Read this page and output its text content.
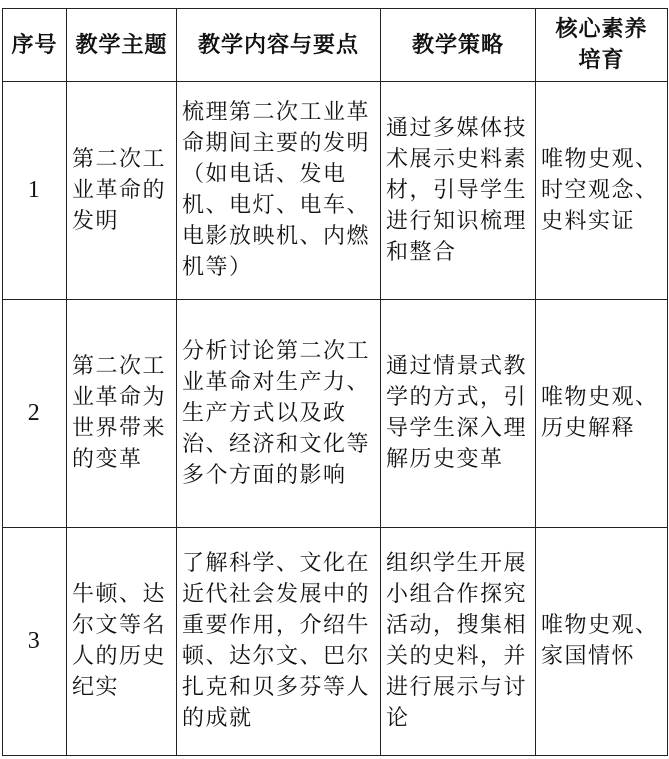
序号	教学主题	教学内容与要点	教学策略	核心素养培育

1	第二次工业革命的发明	梳理第二次工业革命期间主要的发明（如电话、发电机、电灯、电车、电影放映机、内燃机等）	通过多媒体技术展示史料素材，引导学生进行知识梳理和整合	唯物史观、时空观念、史料实证

2	第二次工业革命为世界带来的变革	分析讨论第二次工业革命对生产力、生产方式以及政治、经济和文化等多个方面的影响	通过情景式教学的方式，引导学生深入理解历史变革	唯物史观、历史解释

3	牛顿、达尔文等名人的历史纪实	了解科学、文化在近代社会发展中的重要作用，介绍牛顿、达尔文、巴尔扎克和贝多芬等人的成就	组织学生开展小组合作探究活动，搜集相关的史料，并进行展示与讨论	唯物史观、家国情怀
